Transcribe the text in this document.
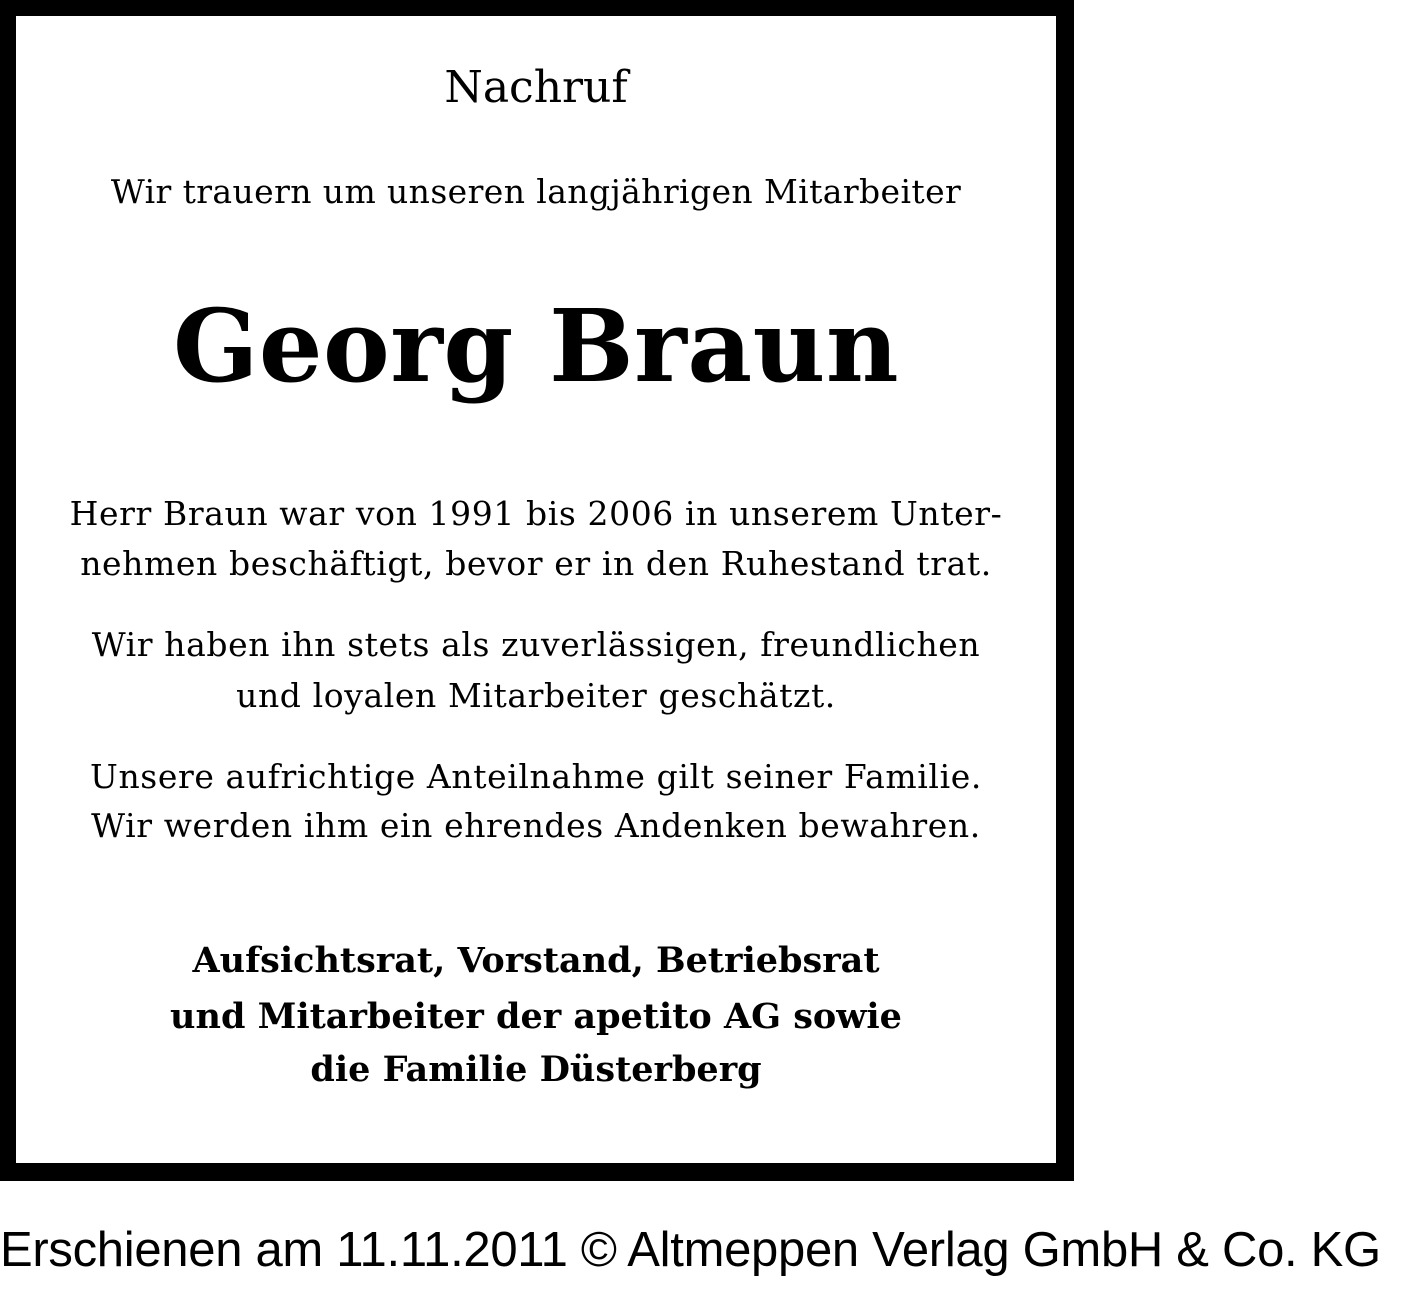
Nachruf
Wir trauern um unseren langjährigen Mitarbeiter
Georg Braun
Herr Braun war von 1991 bis 2006 in unserem Unter-
nehmen beschäftigt, bevor er in den Ruhestand trat.
Wir haben ihn stets als zuverlässigen, freundlichen
und loyalen Mitarbeiter geschätzt.
Unsere aufrichtige Anteilnahme gilt seiner Familie.
Wir werden ihm ein ehrendes Andenken bewahren.
Aufsichtsrat, Vorstand, Betriebsrat
und Mitarbeiter der apetito AG sowie
die Familie Düsterberg
Erschienen am 11.11.2011 © Altmeppen Verlag GmbH & Co. KG
